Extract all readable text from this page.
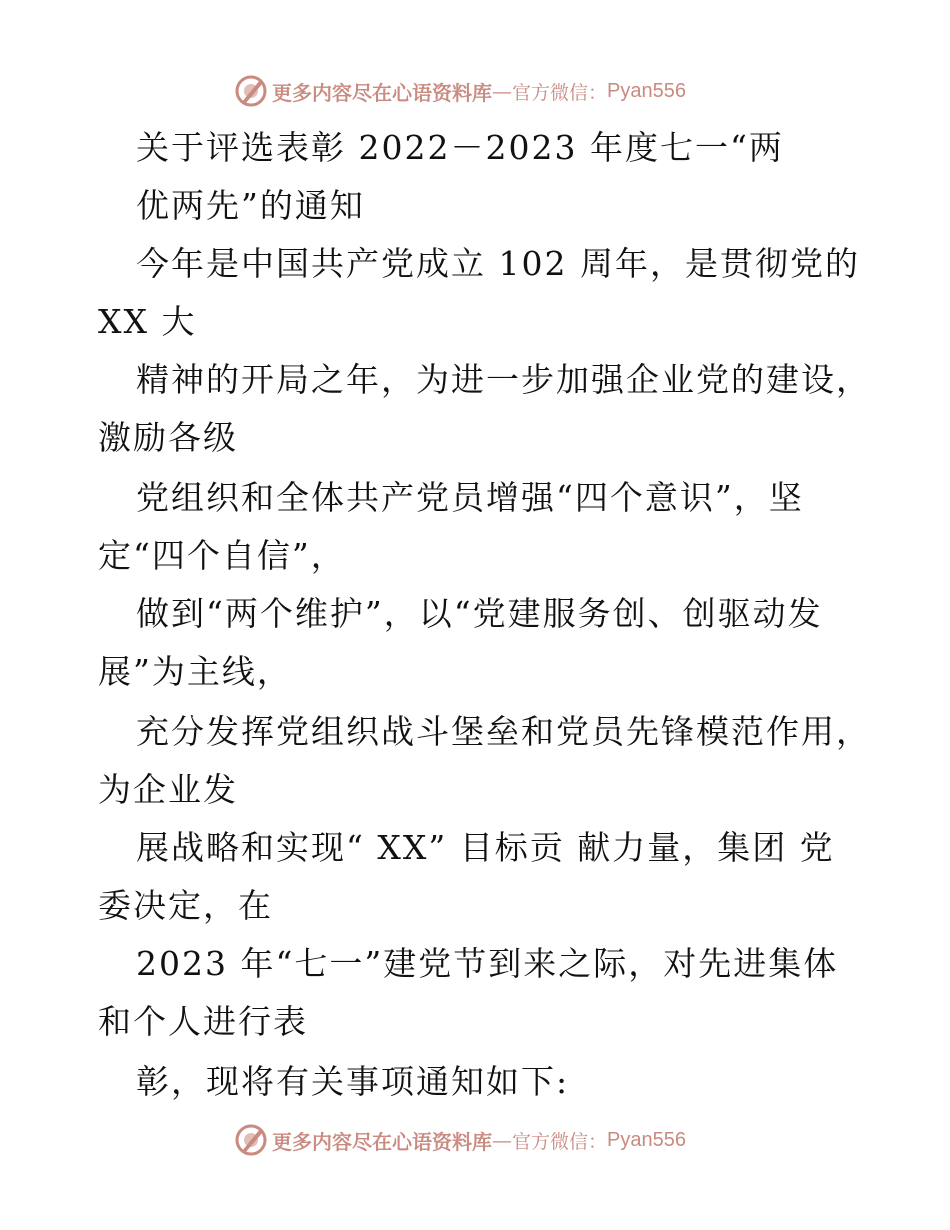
更多内容尽在心语资料库 — 官方微信： Pyan556
关于评选表彰 2022－2023 年度七一“两
优两先”的通知
今年是中国共产党成立 102 周年，是贯彻党的
XX 大
精神的开局之年，为进一步加强企业党的建设，
激励各级
党组织和全体共产党员增强“四个意识”，坚
定“四个自信”，
做到“两个维护”，以“党建服务创、创驱动发
展”为主线，
充分发挥党组织战斗堡垒和党员先锋模范作用，
为企业发
展战略和实现“ XX” 目标贡 献力量，集团 党
委决定，在
2023 年“七一”建党节到来之际，对先进集体
和个人进行表
彰，现将有关事项通知如下:
更多内容尽在心语资料库 — 官方微信： Pyan556
